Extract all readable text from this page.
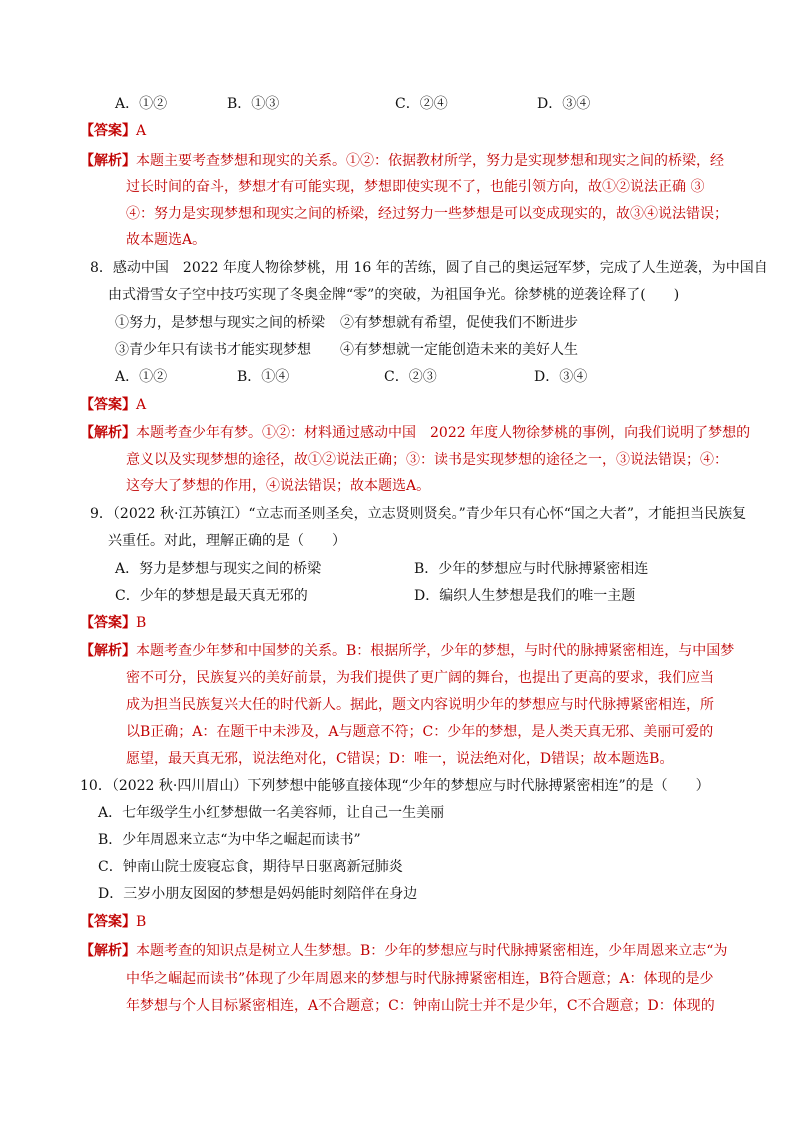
A．①②	B．①③	C．②④	D．③④
【答案】A
【解析】本题主要考查梦想和现实的关系。①②：依据教材所学，努力是实现梦想和现实之间的桥梁，经
过长时间的奋斗，梦想才有可能实现，梦想即使实现不了，也能引领方向，故①②说法正确 ③
④：努力是实现梦想和现实之间的桥梁，经过努力一些梦想是可以变成现实的，故③④说法错误；
故本题选A。
8．感动中国　2022 年度人物徐梦桃，用 16 年的苦练，圆了自己的奥运冠军梦，完成了人生逆袭，为中国自
由式滑雪女子空中技巧实现了冬奥金牌“零”的突破，为祖国争光。徐梦桃的逆袭诠释了(　　)
①努力，是梦想与现实之间的桥梁 ②有梦想就有希望，促使我们不断进步
③青少年只有读书才能实现梦想 ④有梦想就一定能创造未来的美好人生
A．①②	B．①④	C．②③	D．③④
【答案】A
【解析】本题考查少年有梦。①②：材料通过感动中国　2022 年度人物徐梦桃的事例，向我们说明了梦想的
意义以及实现梦想的途径，故①②说法正确；③：读书是实现梦想的途径之一，③说法错误；④：
这夸大了梦想的作用，④说法错误；故本题选A。
9．（2022 秋·江苏镇江）“立志而圣则圣矣，立志贤则贤矣。”青少年只有心怀“国之大者”，才能担当民族复
兴重任。对此，理解正确的是（　　）
A．努力是梦想与现实之间的桥梁	B．少年的梦想应与时代脉搏紧密相连
C．少年的梦想是最天真无邪的	D．编织人生梦想是我们的唯一主题
【答案】B
【解析】本题考查少年梦和中国梦的关系。B：根据所学，少年的梦想，与时代的脉搏紧密相连，与中国梦
密不可分，民族复兴的美好前景，为我们提供了更广阔的舞台，也提出了更高的要求，我们应当
成为担当民族复兴大任的时代新人。据此，题文内容说明少年的梦想应与时代脉搏紧密相连，所
以B正确；A：在题干中未涉及，A与题意不符；C：少年的梦想，是人类天真无邪、美丽可爱的
愿望，最天真无邪，说法绝对化，C错误；D：唯一，说法绝对化，D错误；故本题选B。
10．（2022 秋·四川眉山）下列梦想中能够直接体现“少年的梦想应与时代脉搏紧密相连”的是（　　）
A．七年级学生小红梦想做一名美容师，让自己一生美丽
B．少年周恩来立志“为中华之崛起而读书”
C．钟南山院士废寝忘食，期待早日驱离新冠肺炎
D．三岁小朋友囡囡的梦想是妈妈能时刻陪伴在身边
【答案】B
【解析】本题考查的知识点是树立人生梦想。B：少年的梦想应与时代脉搏紧密相连，少年周恩来立志“为
中华之崛起而读书”体现了少年周恩来的梦想与时代脉搏紧密相连，B符合题意；A：体现的是少
年梦想与个人目标紧密相连，A不合题意；C：钟南山院士并不是少年，C不合题意；D：体现的
